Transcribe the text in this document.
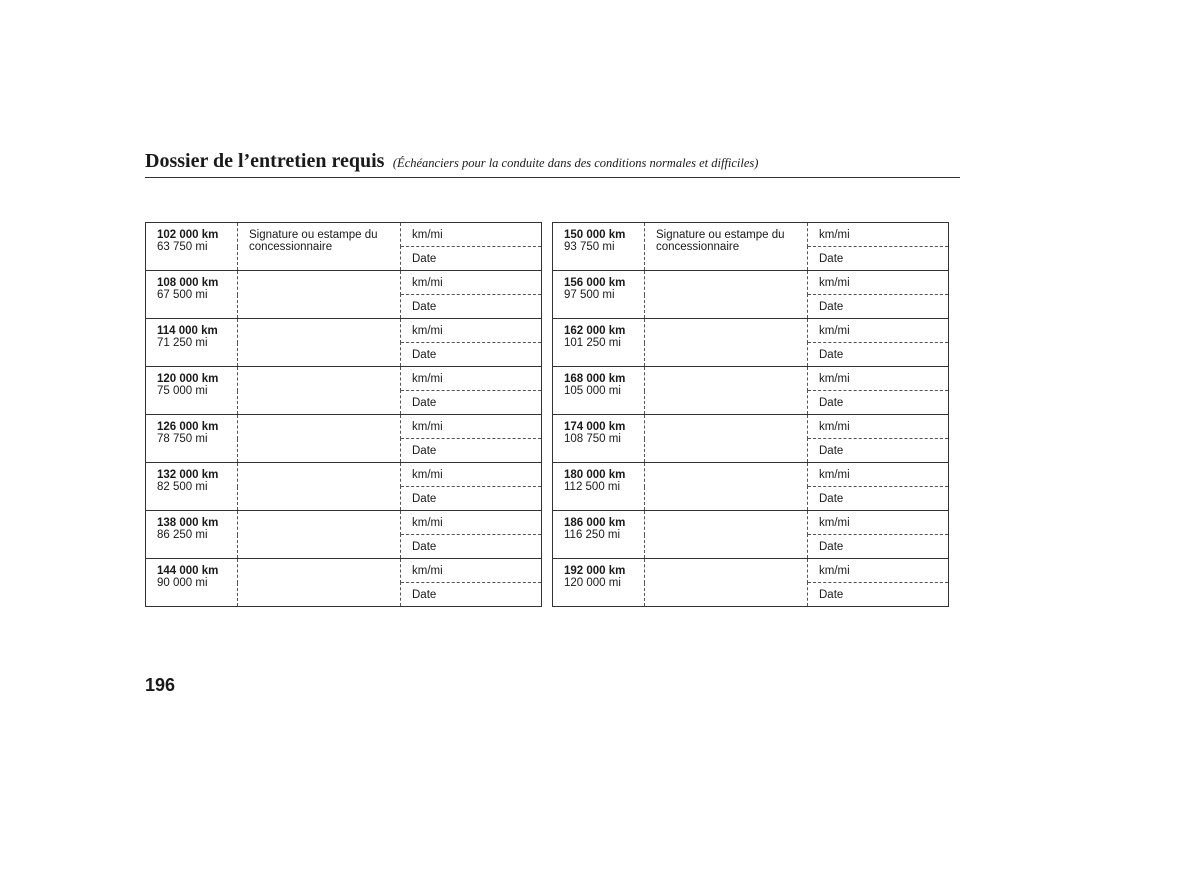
Dossier de l’entretien requis (Échéanciers pour la conduite dans des conditions normales et difficiles)
102 000 km
63 750 mi	Signature ou estampe du concessionnaire	km/mi
		Date

108 000 km
67 500 mi		km/mi
		Date

114 000 km
71 250 mi		km/mi
		Date

120 000 km
75 000 mi		km/mi
		Date

126 000 km
78 750 mi		km/mi
		Date

132 000 km
82 500 mi		km/mi
		Date

138 000 km
86 250 mi		km/mi
		Date

144 000 km
90 000 mi		km/mi
		Date
150 000 km
93 750 mi	Signature ou estampe du concessionnaire	km/mi
		Date

156 000 km
97 500 mi		km/mi
		Date

162 000 km
101 250 mi		km/mi
		Date

168 000 km
105 000 mi		km/mi
		Date

174 000 km
108 750 mi		km/mi
		Date

180 000 km
112 500 mi		km/mi
		Date

186 000 km
116 250 mi		km/mi
		Date

192 000 km
120 000 mi		km/mi
		Date
196
